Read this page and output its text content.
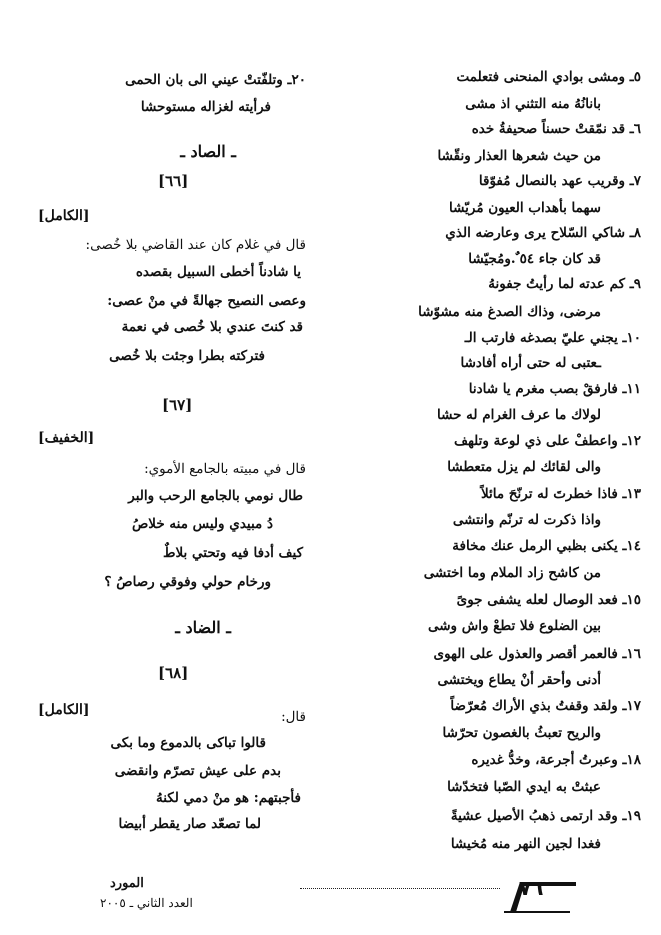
٥ـ ومشى بوادي المنحنى فتعلمت
بانانُهُ منه التثني اذ مشى
٦ـ قد نمّقتْ حسناً صحيفةُ خده
من حيث شعرها العذار ونقّشا
٧ـ وقريب عهد بالنصال مُفوّقا
سهما بأهداب العيون مُريّشا
٨ـ شاكي السّلاح يرى وعارضه الذي
قد كان جاء ٥٤ ٌ.ومُجيّشا
٩ـ كم عدته لما رأيتُ جفونهُ
مرضى، وذاك الصدغ منه مشوّشا
١٠ـ يجني عليّ بصدغه فارتب الـ
ـعتبى له حتى أراه أفادشا
١١ـ فارفقْ بصب مغرم يا شادنا
لولاك ما عرف الغرام له حشا
١٢ـ واعطفْ على ذي لوعة وتلهف
والى لقائك لم يزل متعطشا
١٣ـ فاذا خطرتَ له ترنّحَ مائلاً
واذا ذكرت له ترنّم وانتشى
١٤ـ يكنى بظبي الرمل عنك مخافة
من كاشح زاد الملام وما اختشى
١٥ـ فعد الوصال لعله يشفى جوىً
بين الضلوع فلا تطعْ واش وشى
١٦ـ فالعمر أقصر والعذول على الهوى
أدنى وأحقر أنْ يطاع ويختشى
١٧ـ ولقد وقفتُ بذي الأراك مُعرّضاً
والريح تعبثُ بالغصون تحرّشا
١٨ـ وعبرتُ أجرعة، وخدُّ غديره
عبثتْ به ايدي الصّبا فتخدّشا
١٩ـ وقد ارتمى ذهبُ الأصيل عشيةً
فغدا لجين النهر منه مُخيشا
٢٠ـ وتلفّتتْ عيني الى بان الحمى
فرأيته لغزاله مستوحشا
ـ الصاد ـ
[٦٦]
[الكامل]
قال في غلام كان عند القاضي بلا خُصى:
يا شادناً أخطى السبيل بقصده
وعصى النصيح جهالةً في منْ عصى:
قد كنتَ عندي بلا خُصى في نعمة
فتركته بطرا وجئت بلا خُصى
[٦٧]
[الخفيف]
قال في مبيته بالجامع الأموي:
طال نومي بالجامع الرحب والبر
دُ مبيدي وليس منه خلاصُ
كيف أدفا فيه وتحتي بلاطٌ
ورخام حولي وفوقي رصاصُ ؟
ـ الضاد ـ
[٦٨]
[الكامل]	قال:
قالوا تباكى بالدموع وما بكى
بدم على عيش تصرّم وانقضى
فأجبتهم: هو منْ دمي لكنهُ
لما تصعّد صار يقطر أبيضا
٧٦
المورد
العدد الثاني ـ ٢٠٠٥
